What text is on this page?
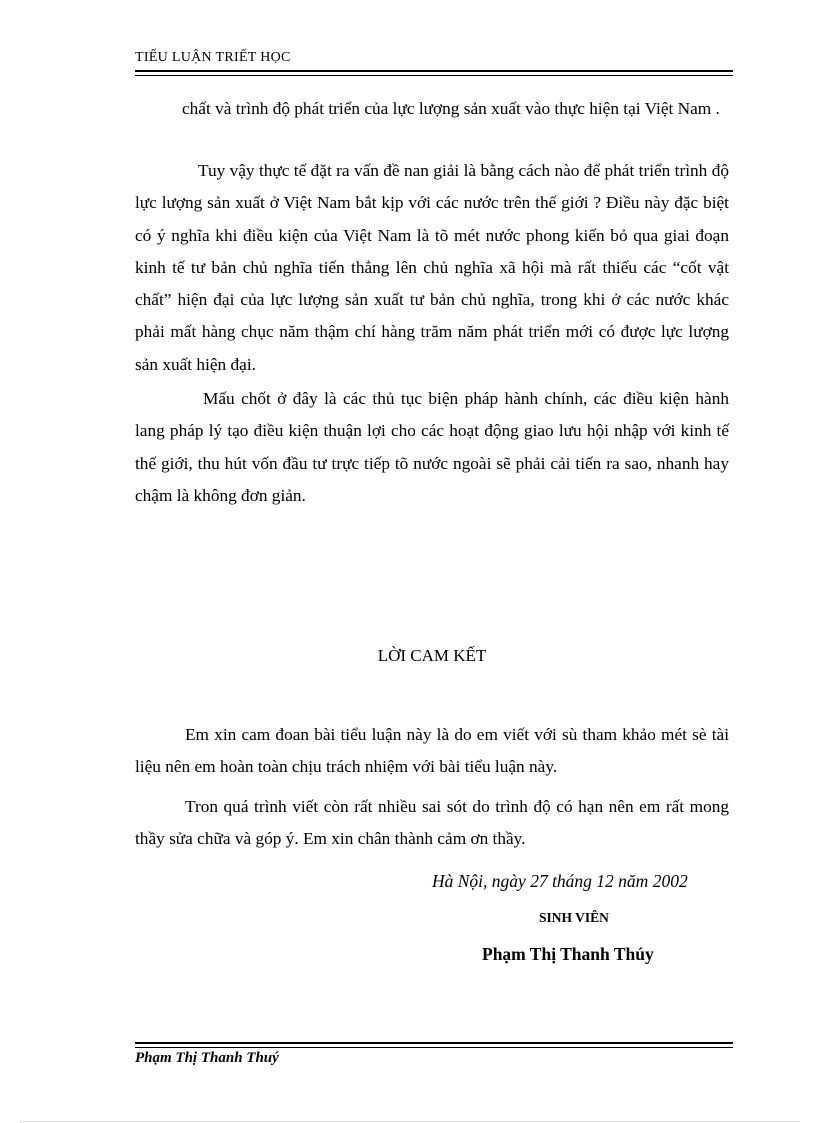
TIỂU LUẬN TRIẾT HỌC

chất và trình độ phát triển của lực lượng sản xuất vào thực hiện tại Việt Nam .

Tuy vậy thực tế đặt ra vấn đề nan giải là bằng cách nào để phát triển trình độ lực lượng sản xuất ở Việt Nam bắt kịp với các nước trên thế giới ? Điều này đặc biệt có ý nghĩa khi điều kiện của Việt Nam là tõ mét nước phong kiến bỏ qua giai đoạn kinh tế tư bản chủ nghĩa tiến thẳng lên chủ nghĩa xã hội mà rất thiếu các “cốt vật chất” hiện đại của lực lượng sản xuất tư bản chủ nghĩa, trong khi ở các nước khác phải mất hàng chục năm thậm chí hàng trăm năm phát triển mới có được lực lượng sản xuất hiện đại.

Mấu chốt ở đây là các thủ tục biện pháp hành chính, các điều kiện hành lang pháp lý tạo điều kiện thuận lợi cho các hoạt động giao lưu hội nhập với kinh tế thế giới, thu hút vốn đầu tư trực tiếp tõ nước ngoài sẽ phải cải tiến ra sao, nhanh hay chậm là không đơn giản.

LỜI CAM KẾT

Em xin cam đoan bài tiểu luận này là do em viết với sù tham khảo mét sè tài liệu nên em hoàn toàn chịu trách nhiệm với bài tiểu luận này.

Tron quá trình viết còn rất nhiều sai sót do trình độ có hạn nên em rất mong thầy sửa chữa và góp ý. Em xin chân thành cảm ơn thầy.

Hà Nội, ngày 27 tháng 12 năm 2002
SINH VIÊN
Phạm Thị Thanh Thúy
Phạm Thị Thanh Thuý
